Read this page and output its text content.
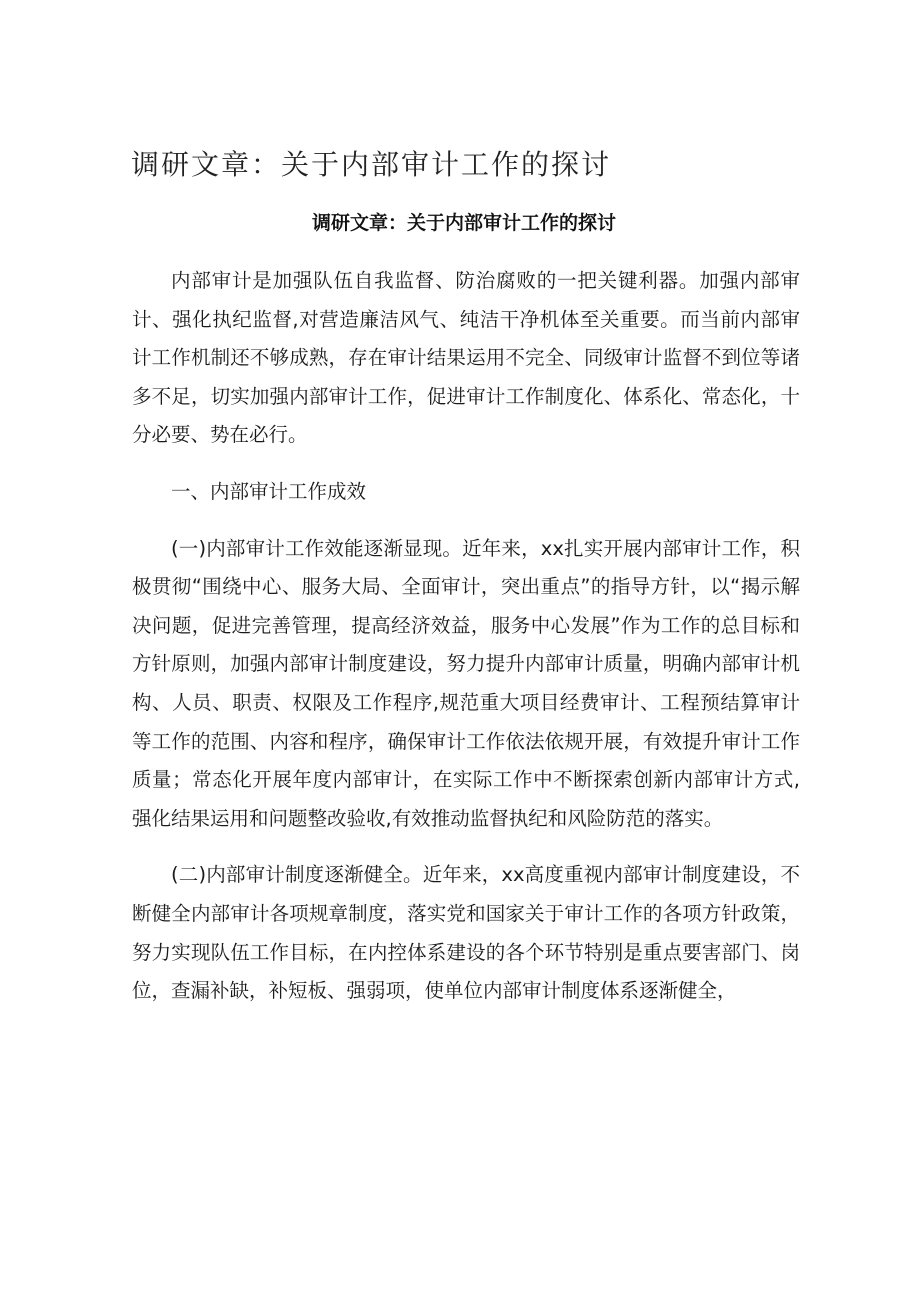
调研文章：关于内部审计工作的探讨
调研文章：关于内部审计工作的探讨

内部审计是加强队伍自我监督、防治腐败的一把关键利器。加强内部审计、强化执纪监督,对营造廉洁风气、纯洁干净机体至关重要。而当前内部审计工作机制还不够成熟，存在审计结果运用不完全、同级审计监督不到位等诸多不足，切实加强内部审计工作，促进审计工作制度化、体系化、常态化，十分必要、势在必行。

一、内部审计工作成效

(一)内部审计工作效能逐渐显现。近年来，xx扎实开展内部审计工作，积极贯彻“围绕中心、服务大局、全面审计，突出重点”的指导方针，以“揭示解决问题，促进完善管理，提高经济效益，服务中心发展”作为工作的总目标和方针原则，加强内部审计制度建设，努力提升内部审计质量，明确内部审计机构、人员、职责、权限及工作程序,规范重大项目经费审计、工程预结算审计等工作的范围、内容和程序，确保审计工作依法依规开展，有效提升审计工作质量；常态化开展年度内部审计，在实际工作中不断探索创新内部审计方式,强化结果运用和问题整改验收,有效推动监督执纪和风险防范的落实。

(二)内部审计制度逐渐健全。近年来，xx高度重视内部审计制度建设，不断健全内部审计各项规章制度，落实党和国家关于审计工作的各项方针政策，努力实现队伍工作目标，在内控体系建设的各个环节特别是重点要害部门、岗位，查漏补缺，补短板、强弱项，使单位内部审计制度体系逐渐健全，
